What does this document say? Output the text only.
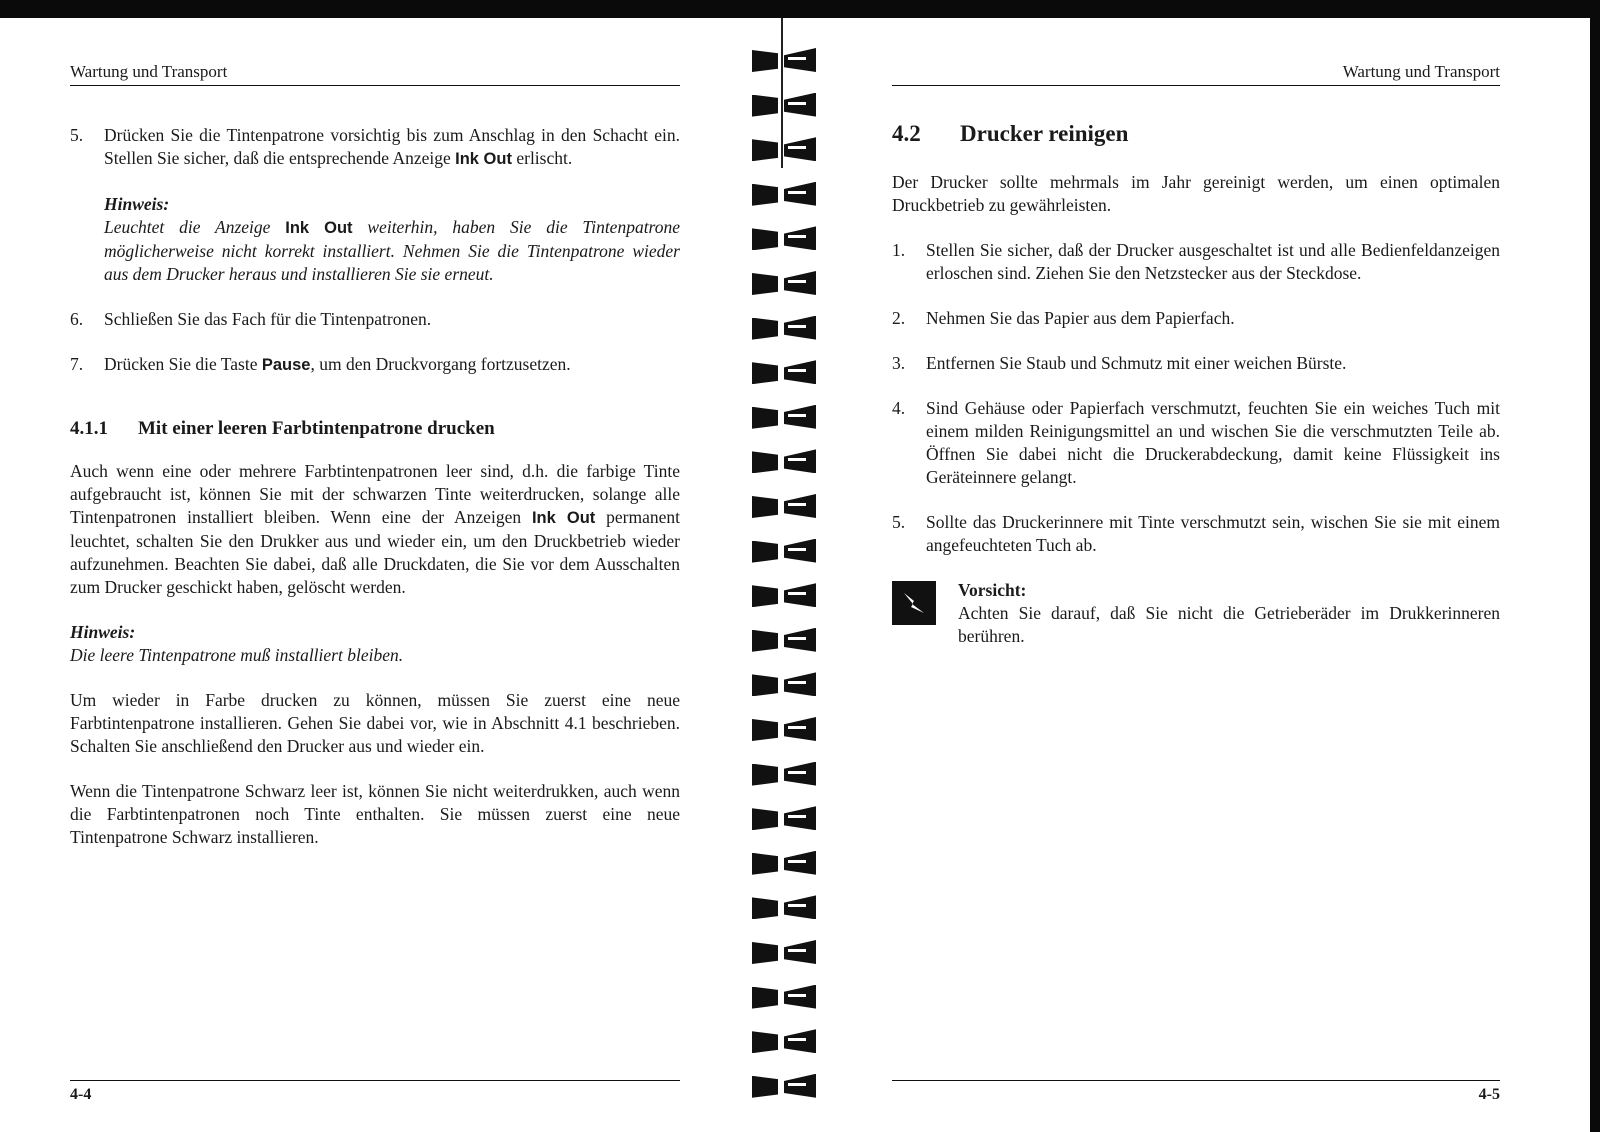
Wartung und Transport
5.	Drücken Sie die Tintenpatrone vorsichtig bis zum Anschlag in den Schacht ein. Stellen Sie sicher, daß die entsprechende Anzeige Ink Out erlischt.
Hinweis:
Leuchtet die Anzeige Ink Out weiterhin, haben Sie die Tintenpatrone möglicherweise nicht korrekt installiert. Nehmen Sie die Tintenpatrone wieder aus dem Drucker heraus und installieren Sie sie erneut.
6.	Schließen Sie das Fach für die Tintenpatronen.
7.	Drücken Sie die Taste Pause, um den Druckvorgang fortzusetzen.
4.1.1	Mit einer leeren Farbtintenpatrone drucken

Auch wenn eine oder mehrere Farbtintenpatronen leer sind, d.h. die farbige Tinte aufgebraucht ist, können Sie mit der schwarzen Tinte weiterdrucken, solange alle Tintenpatronen installiert bleiben. Wenn eine der Anzeigen Ink Out permanent leuchtet, schalten Sie den Drukker aus und wieder ein, um den Druckbetrieb wieder aufzunehmen. Beachten Sie dabei, daß alle Druckdaten, die Sie vor dem Ausschalten zum Drucker geschickt haben, gelöscht werden.

Hinweis:
Die leere Tintenpatrone muß installiert bleiben.

Um wieder in Farbe drucken zu können, müssen Sie zuerst eine neue Farbtintenpatrone installieren. Gehen Sie dabei vor, wie in Abschnitt 4.1 beschrieben. Schalten Sie anschließend den Drucker aus und wieder ein.

Wenn die Tintenpatrone Schwarz leer ist, können Sie nicht weiterdrukken, auch wenn die Farbtintenpatronen noch Tinte enthalten. Sie müssen zuerst eine neue Tintenpatrone Schwarz installieren.

4-4
Wartung und Transport
4.2	Drucker reinigen

Der Drucker sollte mehrmals im Jahr gereinigt werden, um einen optimalen Druckbetrieb zu gewährleisten.

1.	Stellen Sie sicher, daß der Drucker ausgeschaltet ist und alle Bedienfeldanzeigen erloschen sind. Ziehen Sie den Netzstecker aus der Steckdose.
2.	Nehmen Sie das Papier aus dem Papierfach.
3.	Entfernen Sie Staub und Schmutz mit einer weichen Bürste.
4.	Sind Gehäuse oder Papierfach verschmutzt, feuchten Sie ein weiches Tuch mit einem milden Reinigungsmittel an und wischen Sie die verschmutzten Teile ab. Öffnen Sie dabei nicht die Druckerabdeckung, damit keine Flüssigkeit ins Geräteinnere gelangt.
5.	Sollte das Druckerinnere mit Tinte verschmutzt sein, wischen Sie sie mit einem angefeuchteten Tuch ab.
Vorsicht:
Achten Sie darauf, daß Sie nicht die Getrieberäder im Drukkerinneren berühren.
4-5
